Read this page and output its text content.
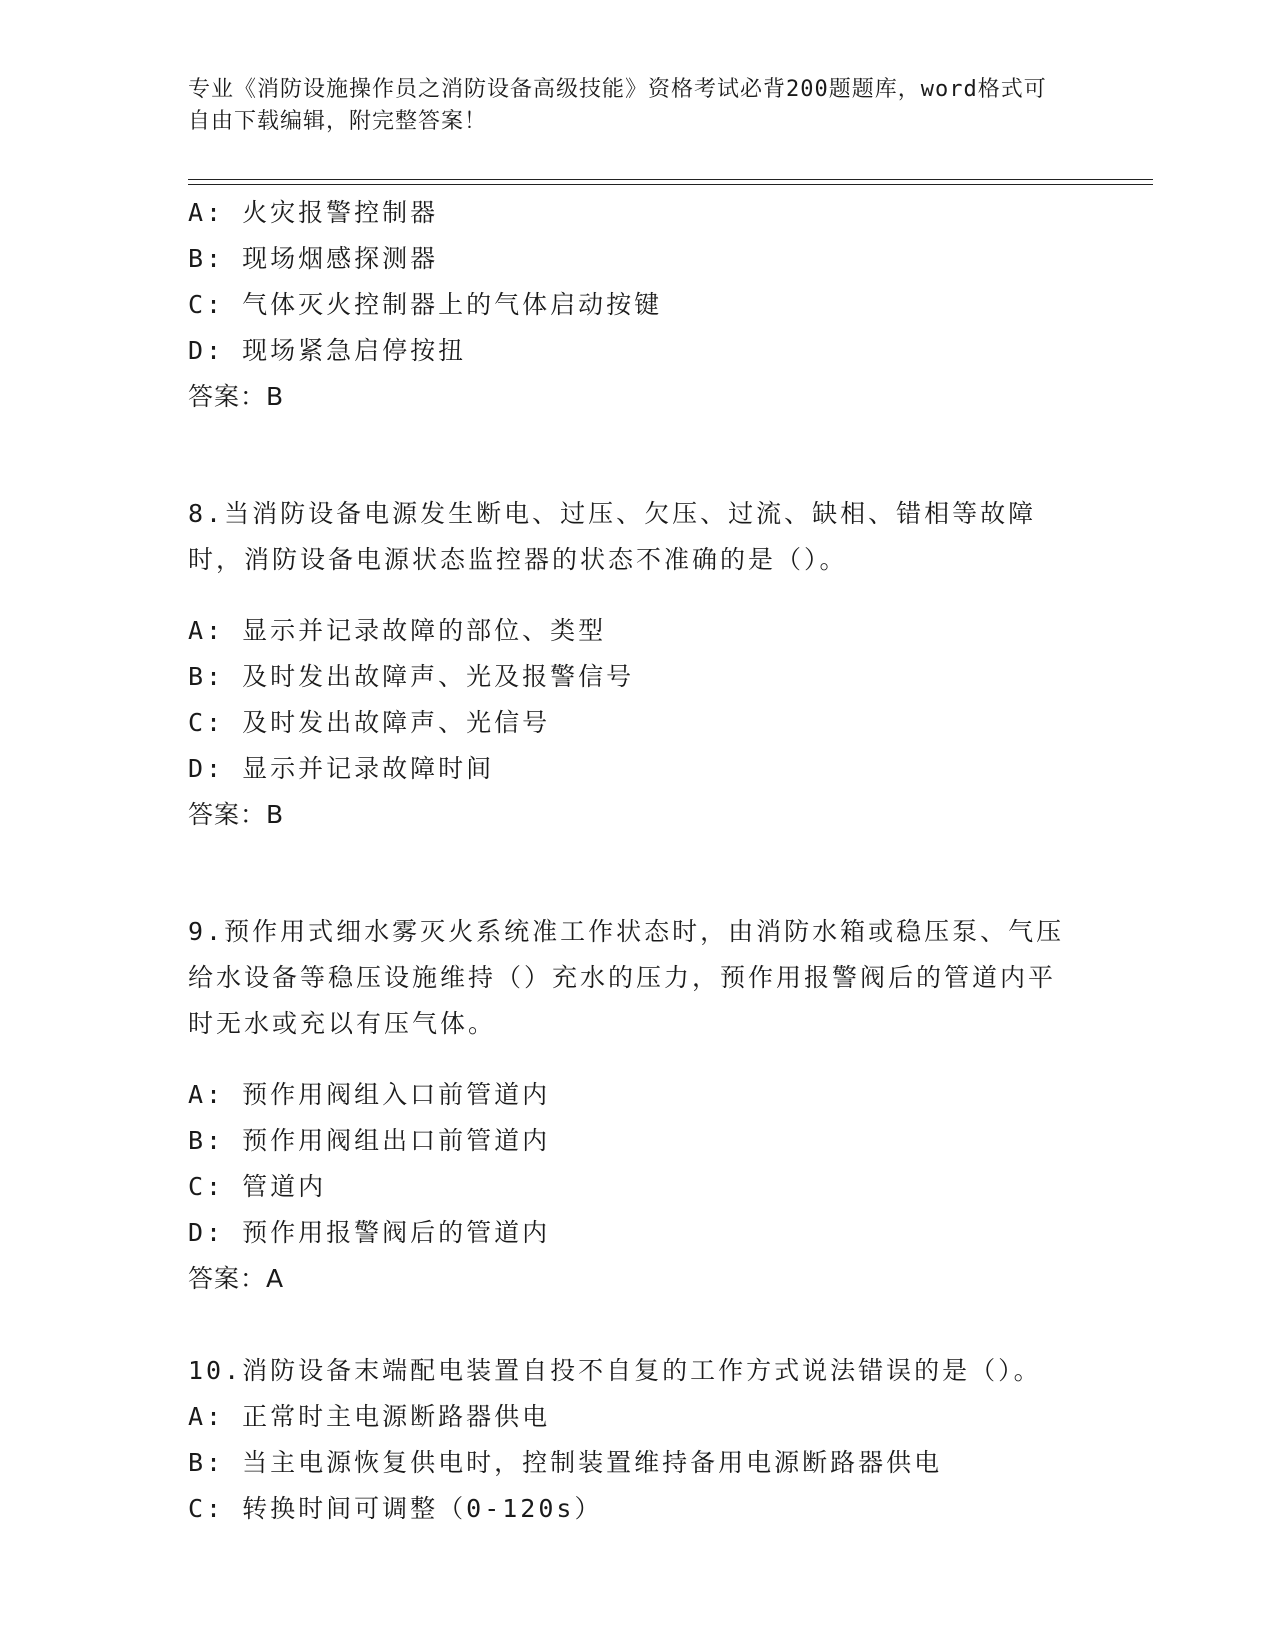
专业《消防设施操作员之消防设备高级技能》资格考试必背200题题库，word格式可自由下载编辑，附完整答案！

A: 火灾报警控制器

B: 现场烟感探测器

C: 气体灭火控制器上的气体启动按键

D: 现场紧急启停按扭

答案：B

8.当消防设备电源发生断电、过压、欠压、过流、缺相、错相等故障时，消防设备电源状态监控器的状态不准确的是（）。

A: 显示并记录故障的部位、类型

B: 及时发出故障声、光及报警信号

C: 及时发出故障声、光信号

D: 显示并记录故障时间

答案：B

9.预作用式细水雾灭火系统准工作状态时，由消防水箱或稳压泵、气压给水设备等稳压设施维持（）充水的压力，预作用报警阀后的管道内平时无水或充以有压气体。

A: 预作用阀组入口前管道内

B: 预作用阀组出口前管道内

C: 管道内

D: 预作用报警阀后的管道内

答案：A

10.消防设备末端配电装置自投不自复的工作方式说法错误的是（）。

A: 正常时主电源断路器供电

B: 当主电源恢复供电时，控制装置维持备用电源断路器供电

C: 转换时间可调整（0-120s）
